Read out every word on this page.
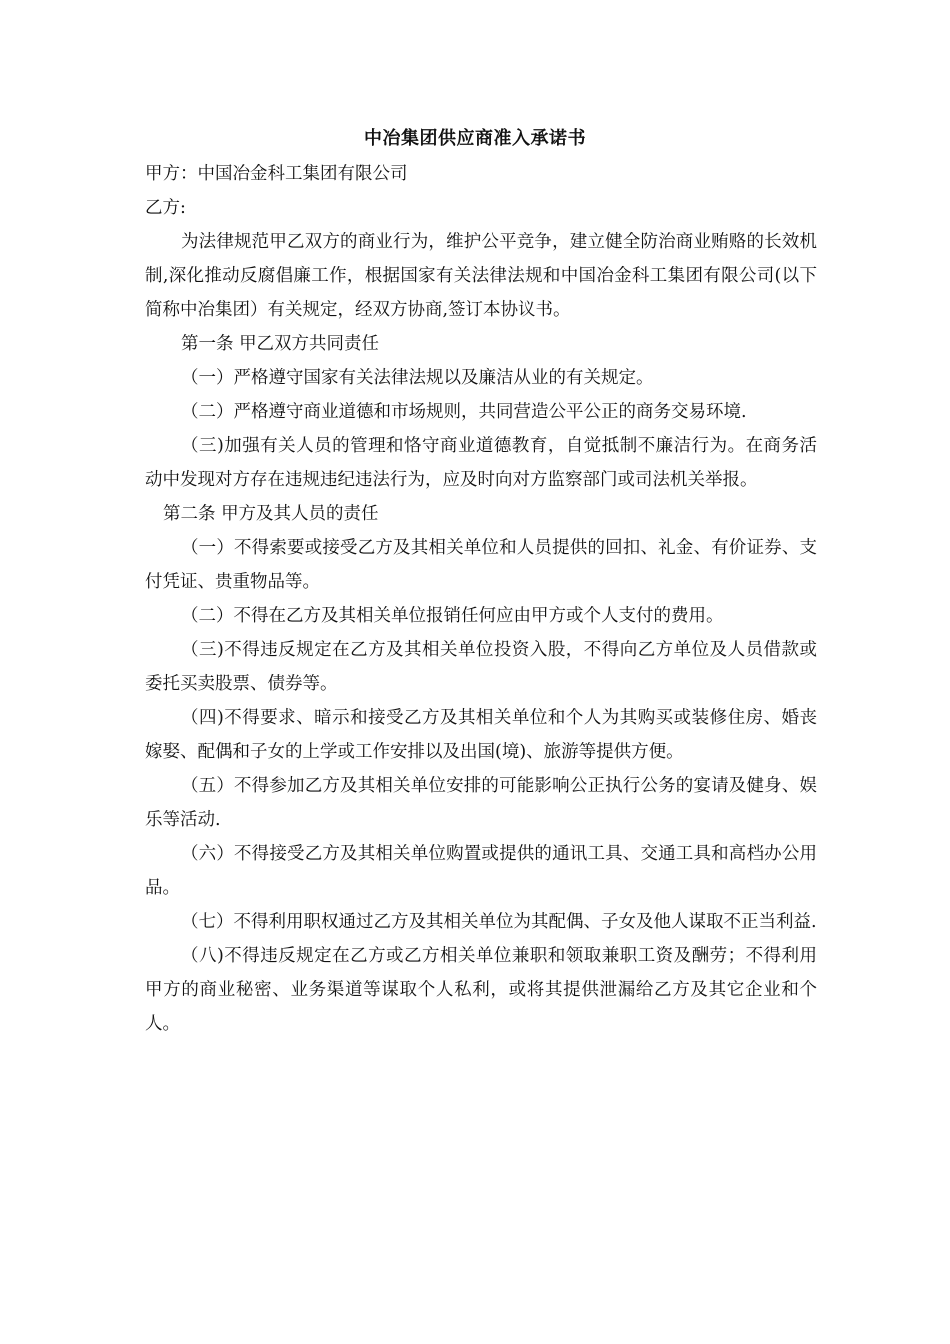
中冶集团供应商准入承诺书

甲方：中国冶金科工集团有限公司

乙方:

为法律规范甲乙双方的商业行为，维护公平竞争，建立健全防治商业贿赂的长效机制,深化推动反腐倡廉工作，根据国家有关法律法规和中国冶金科工集团有限公司(以下简称中冶集团）有关规定，经双方协商,签订本协议书。

第一条 甲乙双方共同责任

（一）严格遵守国家有关法律法规以及廉洁从业的有关规定。

（二）严格遵守商业道德和市场规则，共同营造公平公正的商务交易环境.

（三)加强有关人员的管理和恪守商业道德教育，自觉抵制不廉洁行为。在商务活动中发现对方存在违规违纪违法行为，应及时向对方监察部门或司法机关举报。

第二条 甲方及其人员的责任

（一）不得索要或接受乙方及其相关单位和人员提供的回扣、礼金、有价证券、支付凭证、贵重物品等。

（二）不得在乙方及其相关单位报销任何应由甲方或个人支付的费用。

（三)不得违反规定在乙方及其相关单位投资入股，不得向乙方单位及人员借款或委托买卖股票、债券等。

（四)不得要求、暗示和接受乙方及其相关单位和个人为其购买或装修住房、婚丧嫁娶、配偶和子女的上学或工作安排以及出国(境)、旅游等提供方便。

（五）不得参加乙方及其相关单位安排的可能影响公正执行公务的宴请及健身、娱乐等活动.

（六）不得接受乙方及其相关单位购置或提供的通讯工具、交通工具和高档办公用品。

（七）不得利用职权通过乙方及其相关单位为其配偶、子女及他人谋取不正当利益.

（八)不得违反规定在乙方或乙方相关单位兼职和领取兼职工资及酬劳；不得利用甲方的商业秘密、业务渠道等谋取个人私利，或将其提供泄漏给乙方及其它企业和个人。
